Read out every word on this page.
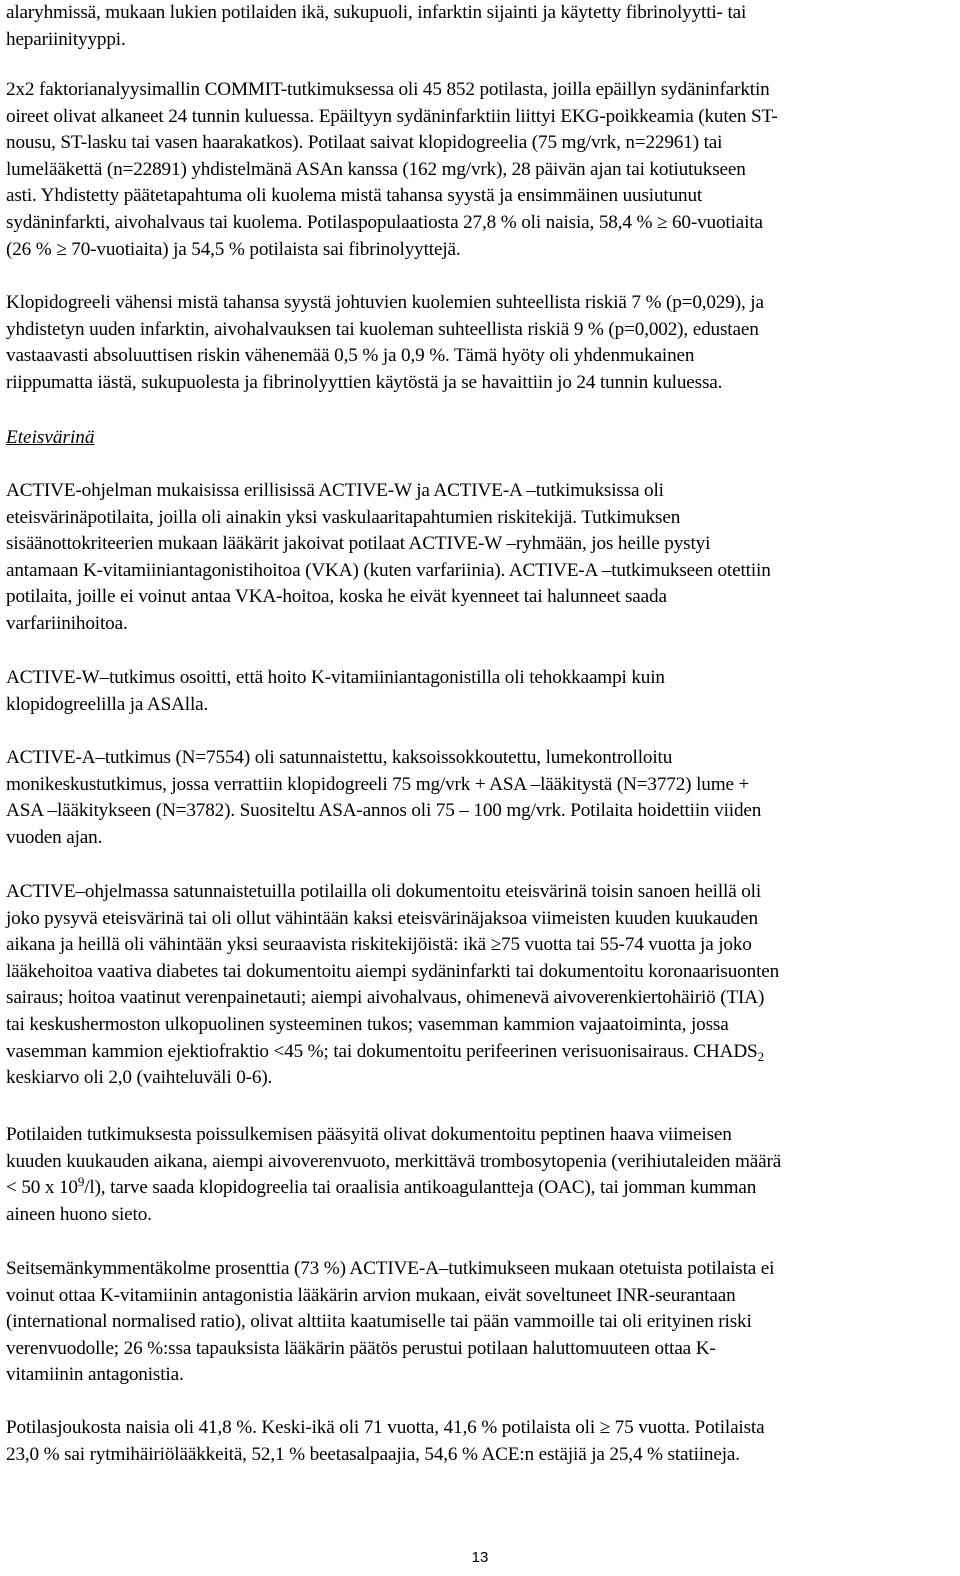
alaryhmissä, mukaan lukien potilaiden ikä, sukupuoli, infarktin sijainti ja käytetty fibrinolyytti- tai
hepariinityyppi.

2x2 faktorianalyysimallin COMMIT-tutkimuksessa oli 45 852 potilasta, joilla epäillyn sydäninfarktin
oireet olivat alkaneet 24 tunnin kuluessa. Epäiltyyn sydäninfarktiin liittyi EKG-poikkeamia (kuten ST-
nousu, ST-lasku tai vasen haarakatkos). Potilaat saivat klopidogreelia (75 mg/vrk, n=22961) tai
lumelääkettä (n=22891) yhdistelmänä ASAn kanssa (162 mg/vrk), 28 päivän ajan tai kotiutukseen
asti. Yhdistetty päätetapahtuma oli kuolema mistä tahansa syystä ja ensimmäinen uusiutunut
sydäninfarkti, aivohalvaus tai kuolema. Potilaspopulaatiosta 27,8 % oli naisia, 58,4 % ≥ 60-vuotiaita
(26 % ≥ 70-vuotiaita) ja 54,5 % potilaista sai fibrinolyyttejä.

Klopidogreeli vähensi mistä tahansa syystä johtuvien kuolemien suhteellista riskiä 7 % (p=0,029), ja
yhdistetyn uuden infarktin, aivohalvauksen tai kuoleman suhteellista riskiä 9 % (p=0,002), edustaen
vastaavasti absoluuttisen riskin vähenemää 0,5 % ja 0,9 %. Tämä hyöty oli yhdenmukainen
riippumatta iästä, sukupuolesta ja fibrinolyyttien käytöstä ja se havaittiin jo 24 tunnin kuluessa.

Eteisvärinä

ACTIVE-ohjelman mukaisissa erillisissä ACTIVE-W ja ACTIVE-A –tutkimuksissa oli
eteisvärinäpotilaita, joilla oli ainakin yksi vaskulaaritapahtumien riskitekijä. Tutkimuksen
sisäänottokriteerien mukaan lääkärit jakoivat potilaat ACTIVE-W –ryhmään, jos heille pystyi
antamaan K-vitamiiniantagonistihoitoa (VKA) (kuten varfariinia). ACTIVE-A –tutkimukseen otettiin
potilaita, joille ei voinut antaa VKA-hoitoa, koska he eivät kyenneet tai halunneet saada
varfariinihoitoa.

ACTIVE-W–tutkimus osoitti, että hoito K-vitamiiniantagonistilla oli tehokkaampi kuin
klopidogreelilla ja ASAlla.

ACTIVE-A–tutkimus (N=7554) oli satunnaistettu, kaksoissokkoutettu, lumekontrolloitu
monikeskustutkimus, jossa verrattiin klopidogreeli 75 mg/vrk + ASA –lääkitystä (N=3772) lume +
ASA –lääkitykseen (N=3782). Suositeltu ASA-annos oli 75 – 100 mg/vrk. Potilaita hoidettiin viiden
vuoden ajan.

ACTIVE–ohjelmassa satunnaistetuilla potilailla oli dokumentoitu eteisvärinä toisin sanoen heillä oli
joko pysyvä eteisvärinä tai oli ollut vähintään kaksi eteisvärinäjaksoa viimeisten kuuden kuukauden
aikana ja heillä oli vähintään yksi seuraavista riskitekijöistä: ikä ≥75 vuotta tai 55-74 vuotta ja joko
lääkehoitoa vaativa diabetes tai dokumentoitu aiempi sydäninfarkti tai dokumentoitu koronaarisuonten
sairaus; hoitoa vaatinut verenpainetauti; aiempi aivohalvaus, ohimenevä aivoverenkiertohäiriö (TIA)
tai keskushermoston ulkopuolinen systeeminen tukos; vasemman kammion vajaatoiminta, jossa
vasemman kammion ejektiofraktio <45 %; tai dokumentoitu perifeerinen verisuonisairaus. $CHADS_2$
keskiarvo oli 2,0 (vaihteluväli 0-6).

Potilaiden tutkimuksesta poissulkemisen pääsyitä olivat dokumentoitu peptinen haava viimeisen
kuuden kuukauden aikana, aiempi aivoverenvuoto, merkittävä trombosytopenia (verihiutaleiden määrä
< 50 x $10^9/l$), tarve saada klopidogreelia tai oraalisia antikoagulantteja (OAC), tai jomman kumman
aineen huono sieto.

Seitsemänkymmentäkolme prosenttia (73 %) ACTIVE-A–tutkimukseen mukaan otetuista potilaista ei
voinut ottaa K-vitamiinin antagonistia lääkärin arvion mukaan, eivät soveltuneet INR-seurantaan
(international normalised ratio), olivat alttiita kaatumiselle tai pään vammoille tai oli erityinen riski
verenvuodolle; 26 %:ssa tapauksista lääkärin päätös perustui potilaan haluttomuuteen ottaa K-
vitamiinin antagonistia.

Potilasjoukosta naisia oli 41,8 %. Keski-ikä oli 71 vuotta, 41,6 % potilaista oli ≥ 75 vuotta. Potilaista
23,0 % sai rytmihäiriölääkkeitä, 52,1 % beetasalpaajia, 54,6 % ACE:n estäjiä ja 25,4 % statiineja.

13
